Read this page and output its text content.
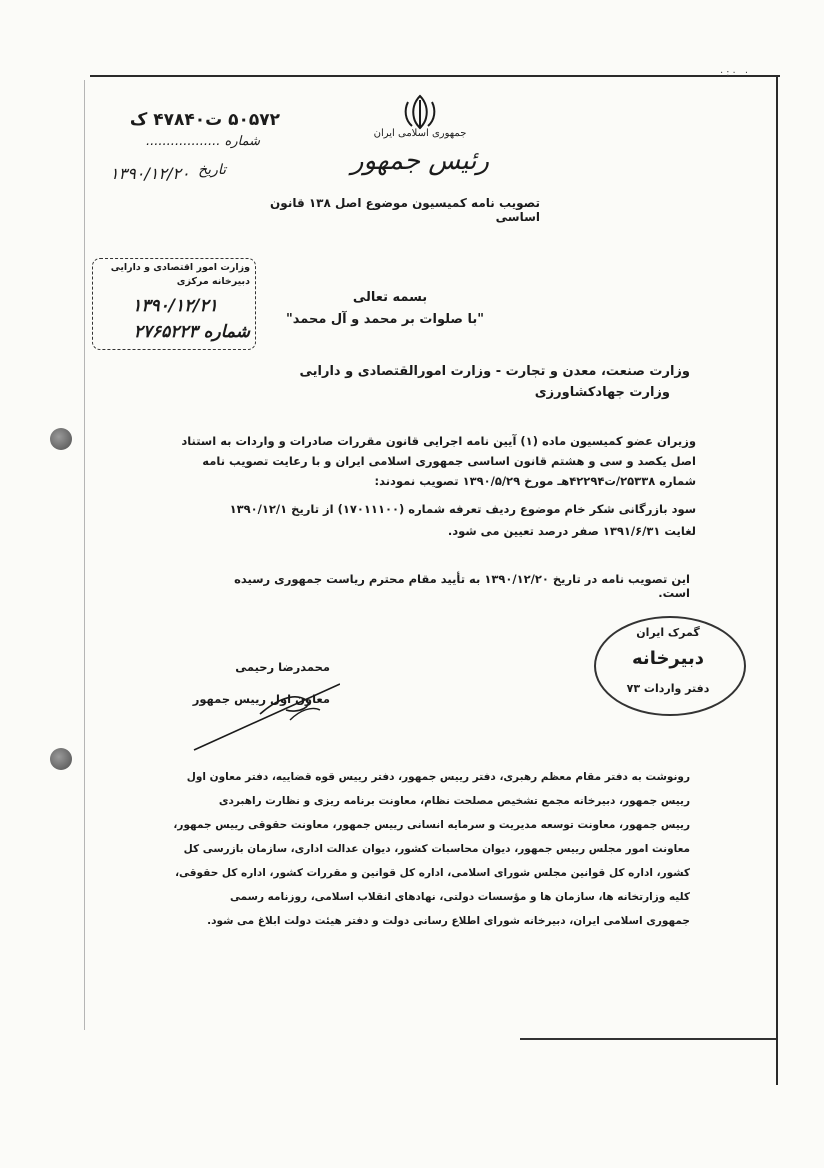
·:· ·
جمهوری اسلامی ایران
رئیس جمهور
تصویب نامه کمیسیون موضوع اصل ۱۳۸ قانون اساسی
۵۰۵۷۲ ت۴۷۸۴۰ ک
شماره ..................
۱۳۹۰/۱۲/۲۰ تاریخ
وزارت امور اقتصادی و دارایی
دبیرخانه مرکزی
۱۳۹۰/۱۲/۲۱
شماره ۲۷۶۵۲۲۳
بسمه تعالی
"با صلوات بر محمد و آل محمد"
وزارت صنعت، معدن و تجارت - وزارت امورالقتصادی و دارایی
وزارت جهادکشاورزی
وزیران عضو کمیسیون ماده (۱) آیین نامه اجرایی قانون مقررات صادرات و واردات به استناد
اصل یکصد و سی و هشتم قانون اساسی جمهوری اسلامی ایران و با رعایت تصویب نامه
شماره ۲۵۳۳۸/ت۴۲۲۹۴هـ مورخ ۱۳۹۰/۵/۲۹ تصویب نمودند:
سود بازرگانی شکر خام موضوع ردیف تعرفه شماره (۱۷۰۱۱۱۰۰) از تاریخ ۱۳۹۰/۱۲/۱
لغایت ۱۳۹۱/۶/۳۱ صفر درصد تعیین می شود.
این تصویب نامه در تاریخ ۱۳۹۰/۱۲/۲۰ به تأیید مقام محترم ریاست جمهوری رسیده است.
گمرک ایران
دبیرخانه
دفتر واردات ۷۳
محمدرضا رحیمی
معاون اول رییس جمهور
رونوشت به دفتر مقام معظم رهبری، دفتر رییس جمهور، دفتر رییس قوه قضاییه، دفتر معاون اول
رییس جمهور، دبیرخانه مجمع تشخیص مصلحت نظام، معاونت برنامه ریزی و نظارت راهبردی
رییس جمهور، معاونت توسعه مدیریت و سرمایه انسانی رییس جمهور، معاونت حقوقی رییس جمهور،
معاونت امور مجلس رییس جمهور، دیوان محاسبات کشور، دیوان عدالت اداری، سازمان بازرسی کل
کشور، اداره کل قوانین مجلس شورای اسلامی، اداره کل قوانین و مقررات کشور، اداره کل حقوقی،
کلیه وزارتخانه ها، سازمان ها و مؤسسات دولتی، نهادهای انقلاب اسلامی، روزنامه رسمی
جمهوری اسلامی ایران، دبیرخانه شورای اطلاع رسانی دولت و دفتر هیئت دولت ابلاغ می شود.
